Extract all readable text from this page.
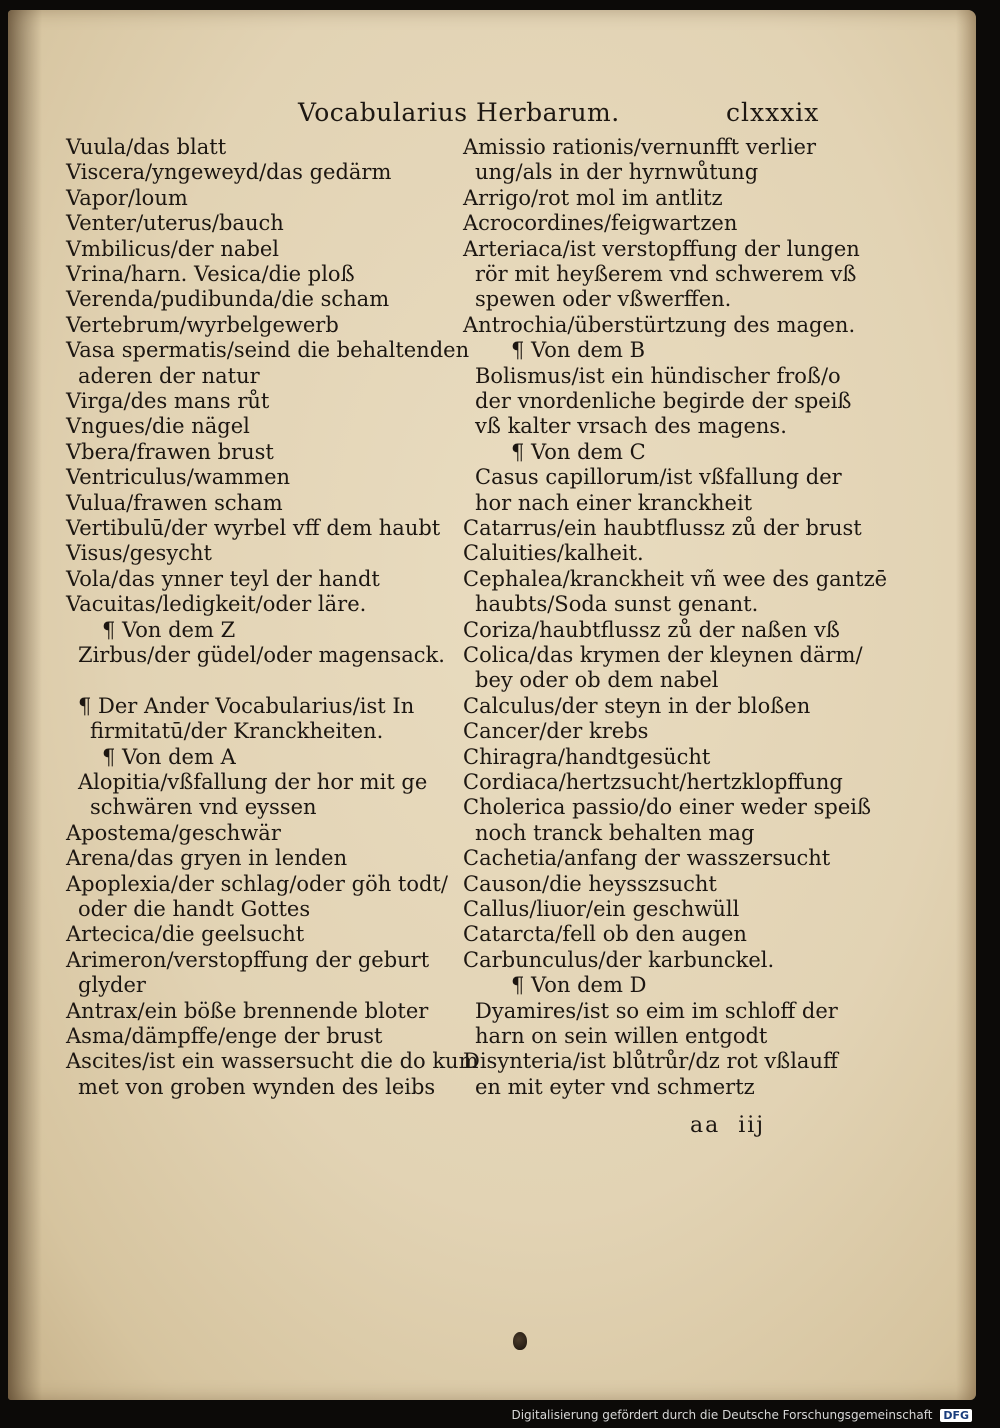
Vocabularius Herbarum.	clxxxix
Vuula/das blatt
Viscera/yngeweyd/das gedärm
Vapor/loum
Venter/uterus/bauch
Vmbilicus/der nabel
Vrina/harn. Vesica/die ploß
Verenda/pudibunda/die scham
Vertebrum/wyrbelgewerb
Vasa spermatis/seind die behaltenden
aderen der natur
Virga/des mans růt
Vngues/die nägel
Vbera/frawen brust
Ventriculus/wammen
Vulua/frawen scham
Vertibulū/der wyrbel vff dem haubt
Visus/gesycht
Vola/das ynner teyl der handt
Vacuitas/ledigkeit/oder läre.
¶ Von dem Z
Zirbus/der güdel/oder magensack.
¶ Der Ander Vocabularius/ist In
firmitatū/der Kranckheiten.
¶ Von dem A
Alopitia/vßfallung der hor mit ge
schwären vnd eyssen
Apostema/geschwär
Arena/das gryen in lenden
Apoplexia/der schlag/oder göh todt/
oder die handt Gottes
Artecica/die geelsucht
Arimeron/verstopffung der geburt
glyder
Antrax/ein böße brennende bloter
Asma/dämpffe/enge der brust
Ascites/ist ein wassersucht die do kum
met von groben wynden des leibs
Amissio rationis/vernunfft verlier
ung/als in der hyrnwůtung
Arrigo/rot mol im antlitz
Acrocordines/feigwartzen
Arteriaca/ist verstopffung der lungen
rör mit heyßerem vnd schwerem vß
spewen oder vßwerffen.
Antrochia/überstürtzung des magen.
¶ Von dem B
Bolismus/ist ein hündischer froß/o
der vnordenliche begirde der speiß
vß kalter vrsach des magens.
¶ Von dem C
Casus capillorum/ist vßfallung der
hor nach einer kranckheit
Catarrus/ein haubtflussz zů der brust
Caluities/kalheit.
Cephalea/kranckheit vñ wee des gantzē
haubts/Soda sunst genant.
Coriza/haubtflussz zů der naßen vß
Colica/das krymen der kleynen därm/
bey oder ob dem nabel
Calculus/der steyn in der bloßen
Cancer/der krebs
Chiragra/handtgesücht
Cordiaca/hertzsucht/hertzklopffung
Cholerica passio/do einer weder speiß
noch tranck behalten mag
Cachetia/anfang der wasszersucht
Causon/die heysszsucht
Callus/liuor/ein geschwüll
Catarcta/fell ob den augen
Carbunculus/der karbunckel.
¶ Von dem D
Dyamires/ist so eim im schloff der
harn on sein willen entgodt
Disynteria/ist blůtrůr/dz rot vßlauff
en mit eyter vnd schmertz
aa iij
Digitalisierung gefördert durch die Deutsche Forschungsgemeinschaft DFG
